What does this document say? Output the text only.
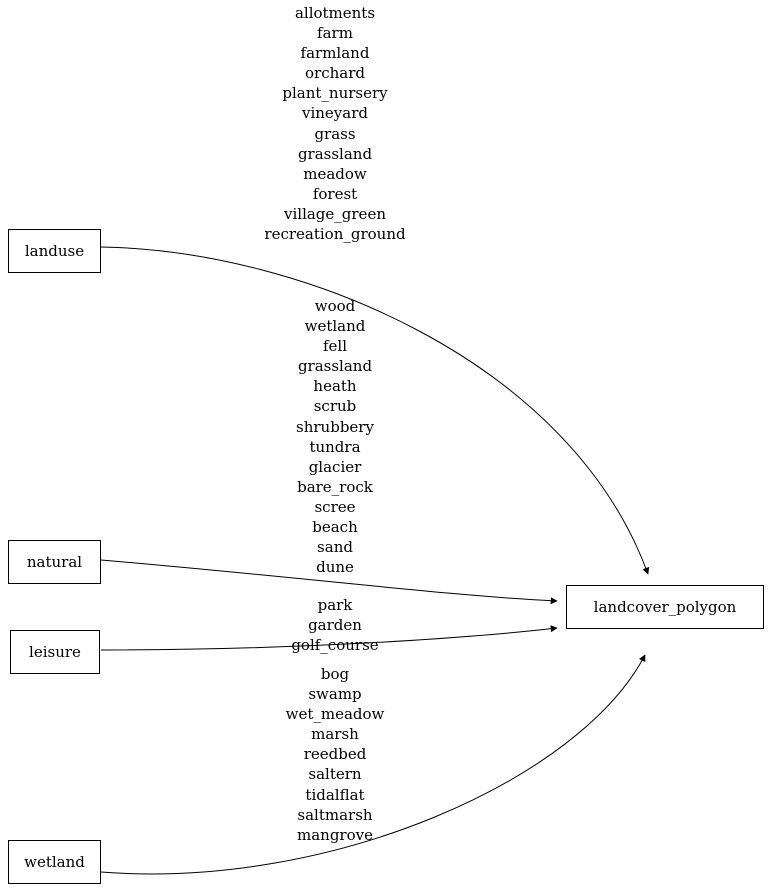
landuse
natural
leisure
wetland
landcover_polygon
allotments
farm
farmland
orchard
plant_nursery
vineyard
grass
grassland
meadow
forest
village_green
recreation_ground
wood
wetland
fell
grassland
heath
scrub
shrubbery
tundra
glacier
bare_rock
scree
beach
sand
dune
park
garden
golf_course
bog
swamp
wet_meadow
marsh
reedbed
saltern
tidalflat
saltmarsh
mangrove
